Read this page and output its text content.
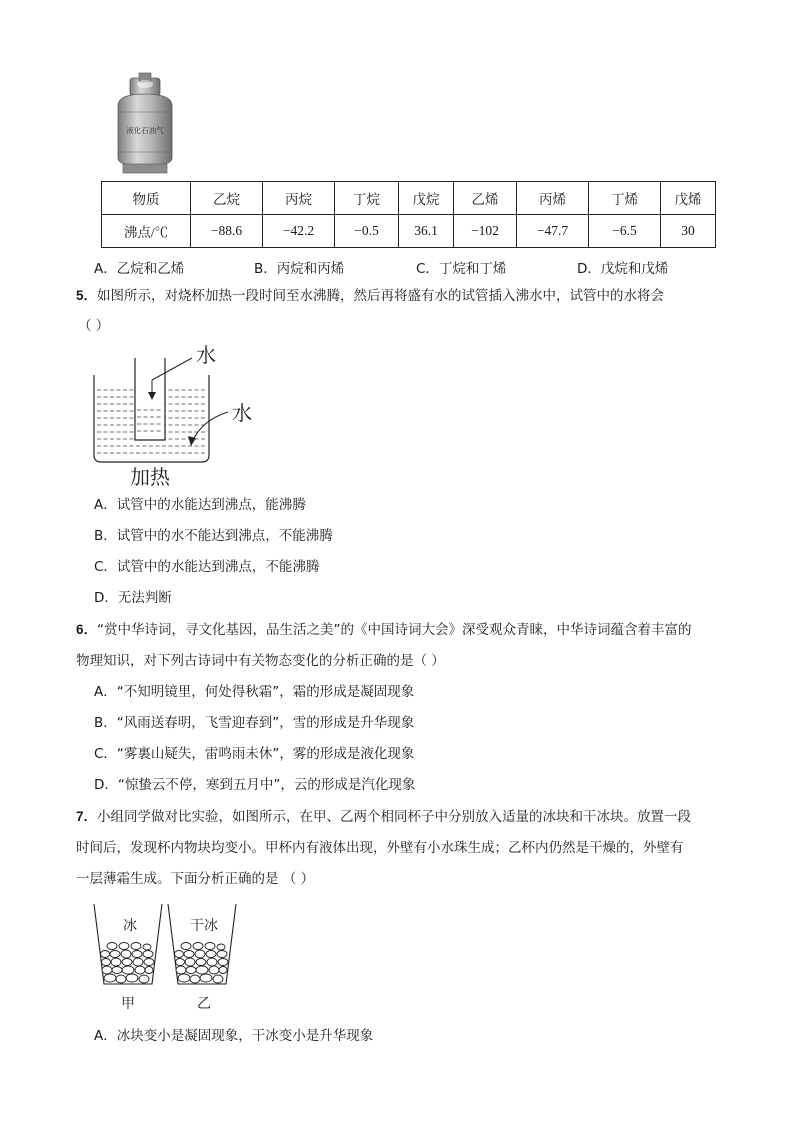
液化石油气
物质	乙烷	丙烷	丁烷	戊烷	乙烯	丙烯	丁烯	戊烯
沸点/℃	−88.6	−42.2	−0.5	36.1	−102	−47.7	−6.5	30
A．乙烷和乙烯	B．丙烷和丙烯	C．丁烷和丁烯	D．戊烷和戊烯
5．如图所示，对烧杯加热一段时间至水沸腾，然后再将盛有水的试管插入沸水中，试管中的水将会
（ ）
水
水
加热
A．试管中的水能达到沸点，能沸腾
B．试管中的水不能达到沸点，不能沸腾
C．试管中的水能达到沸点，不能沸腾
D．无法判断
6．“赏中华诗词，寻文化基因，品生活之美”的《中国诗词大会》深受观众青睐，中华诗词蕴含着丰富的
物理知识，对下列古诗词中有关物态变化的分析正确的是（ ）
A．“不知明镜里，何处得秋霜”，霜的形成是凝固现象
B．“风雨送春明，飞雪迎春到”，雪的形成是升华现象
C．“雾裏山疑失，雷鸣雨未休”，雾的形成是液化现象
D．“惊蛰云不停，寒到五月中”，云的形成是汽化现象
7．小组同学做对比实验，如图所示，在甲、乙两个相同杯子中分别放入适量的冰块和干冰块。放置一段
时间后，发现杯内物块均变小。甲杯内有液体出现，外壁有小水珠生成；乙杯内仍然是干燥的，外壁有
一层薄霜生成。下面分析正确的是 （ ）
冰	干冰
甲	乙
A．冰块变小是凝固现象，干冰变小是升华现象
